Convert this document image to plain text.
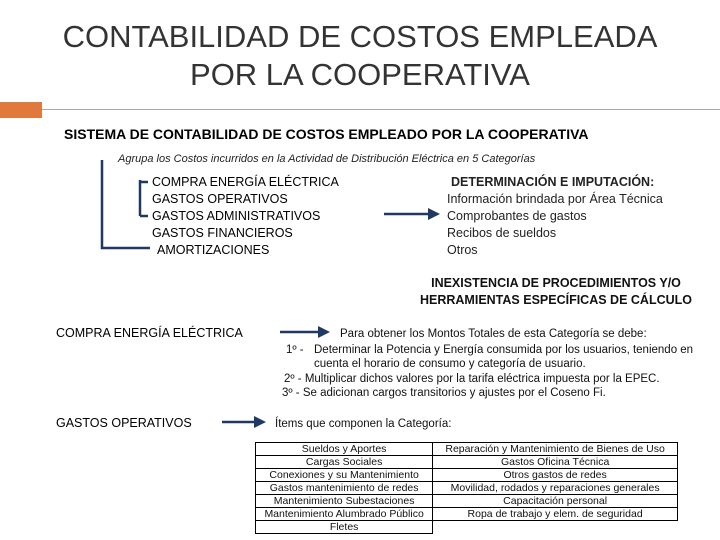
CONTABILIDAD DE COSTOS EMPLEADA
POR LA COOPERATIVA
SISTEMA DE CONTABILIDAD DE COSTOS EMPLEADO POR LA COOPERATIVA
Agrupa los Costos incurridos en la Actividad de Distribución Eléctrica en 5 Categorías
COMPRA ENERGÍA ELÉCTRICA
GASTOS OPERATIVOS
GASTOS ADMINISTRATIVOS
GASTOS FINANCIEROS
AMORTIZACIONES
DETERMINACIÓN E IMPUTACIÓN:
Información brindada por Área Técnica
Comprobantes de gastos
Recibos de sueldos
Otros
INEXISTENCIA DE PROCEDIMIENTOS Y/O
HERRAMIENTAS ESPECÍFICAS DE CÁLCULO
COMPRA ENERGÍA ELÉCTRICA	Para obtener los Montos Totales de esta Categoría se debe:
1º - Determinar la Potencia y Energía consumida por los usuarios, teniendo en
cuenta el horario de consumo y categoría de usuario.
2º - Multiplicar dichos valores por la tarifa eléctrica impuesta por la EPEC.
3º - Se adicionan cargos transitorios y ajustes por el Coseno Fi.
GASTOS OPERATIVOS	Ítems que componen la Categoría:
Sueldos y Aportes	Reparación y Mantenimiento de Bienes de Uso
Cargas Sociales	Gastos Oficina Técnica
Conexiones y su Mantenimiento	Otros gastos de redes
Gastos mantenimiento de redes	Movilidad, rodados y reparaciones generales
Mantenimiento Subestaciones	Capacitación personal
Mantenimiento Alumbrado Público	Ropa de trabajo y elem. de seguridad
Fletes	
